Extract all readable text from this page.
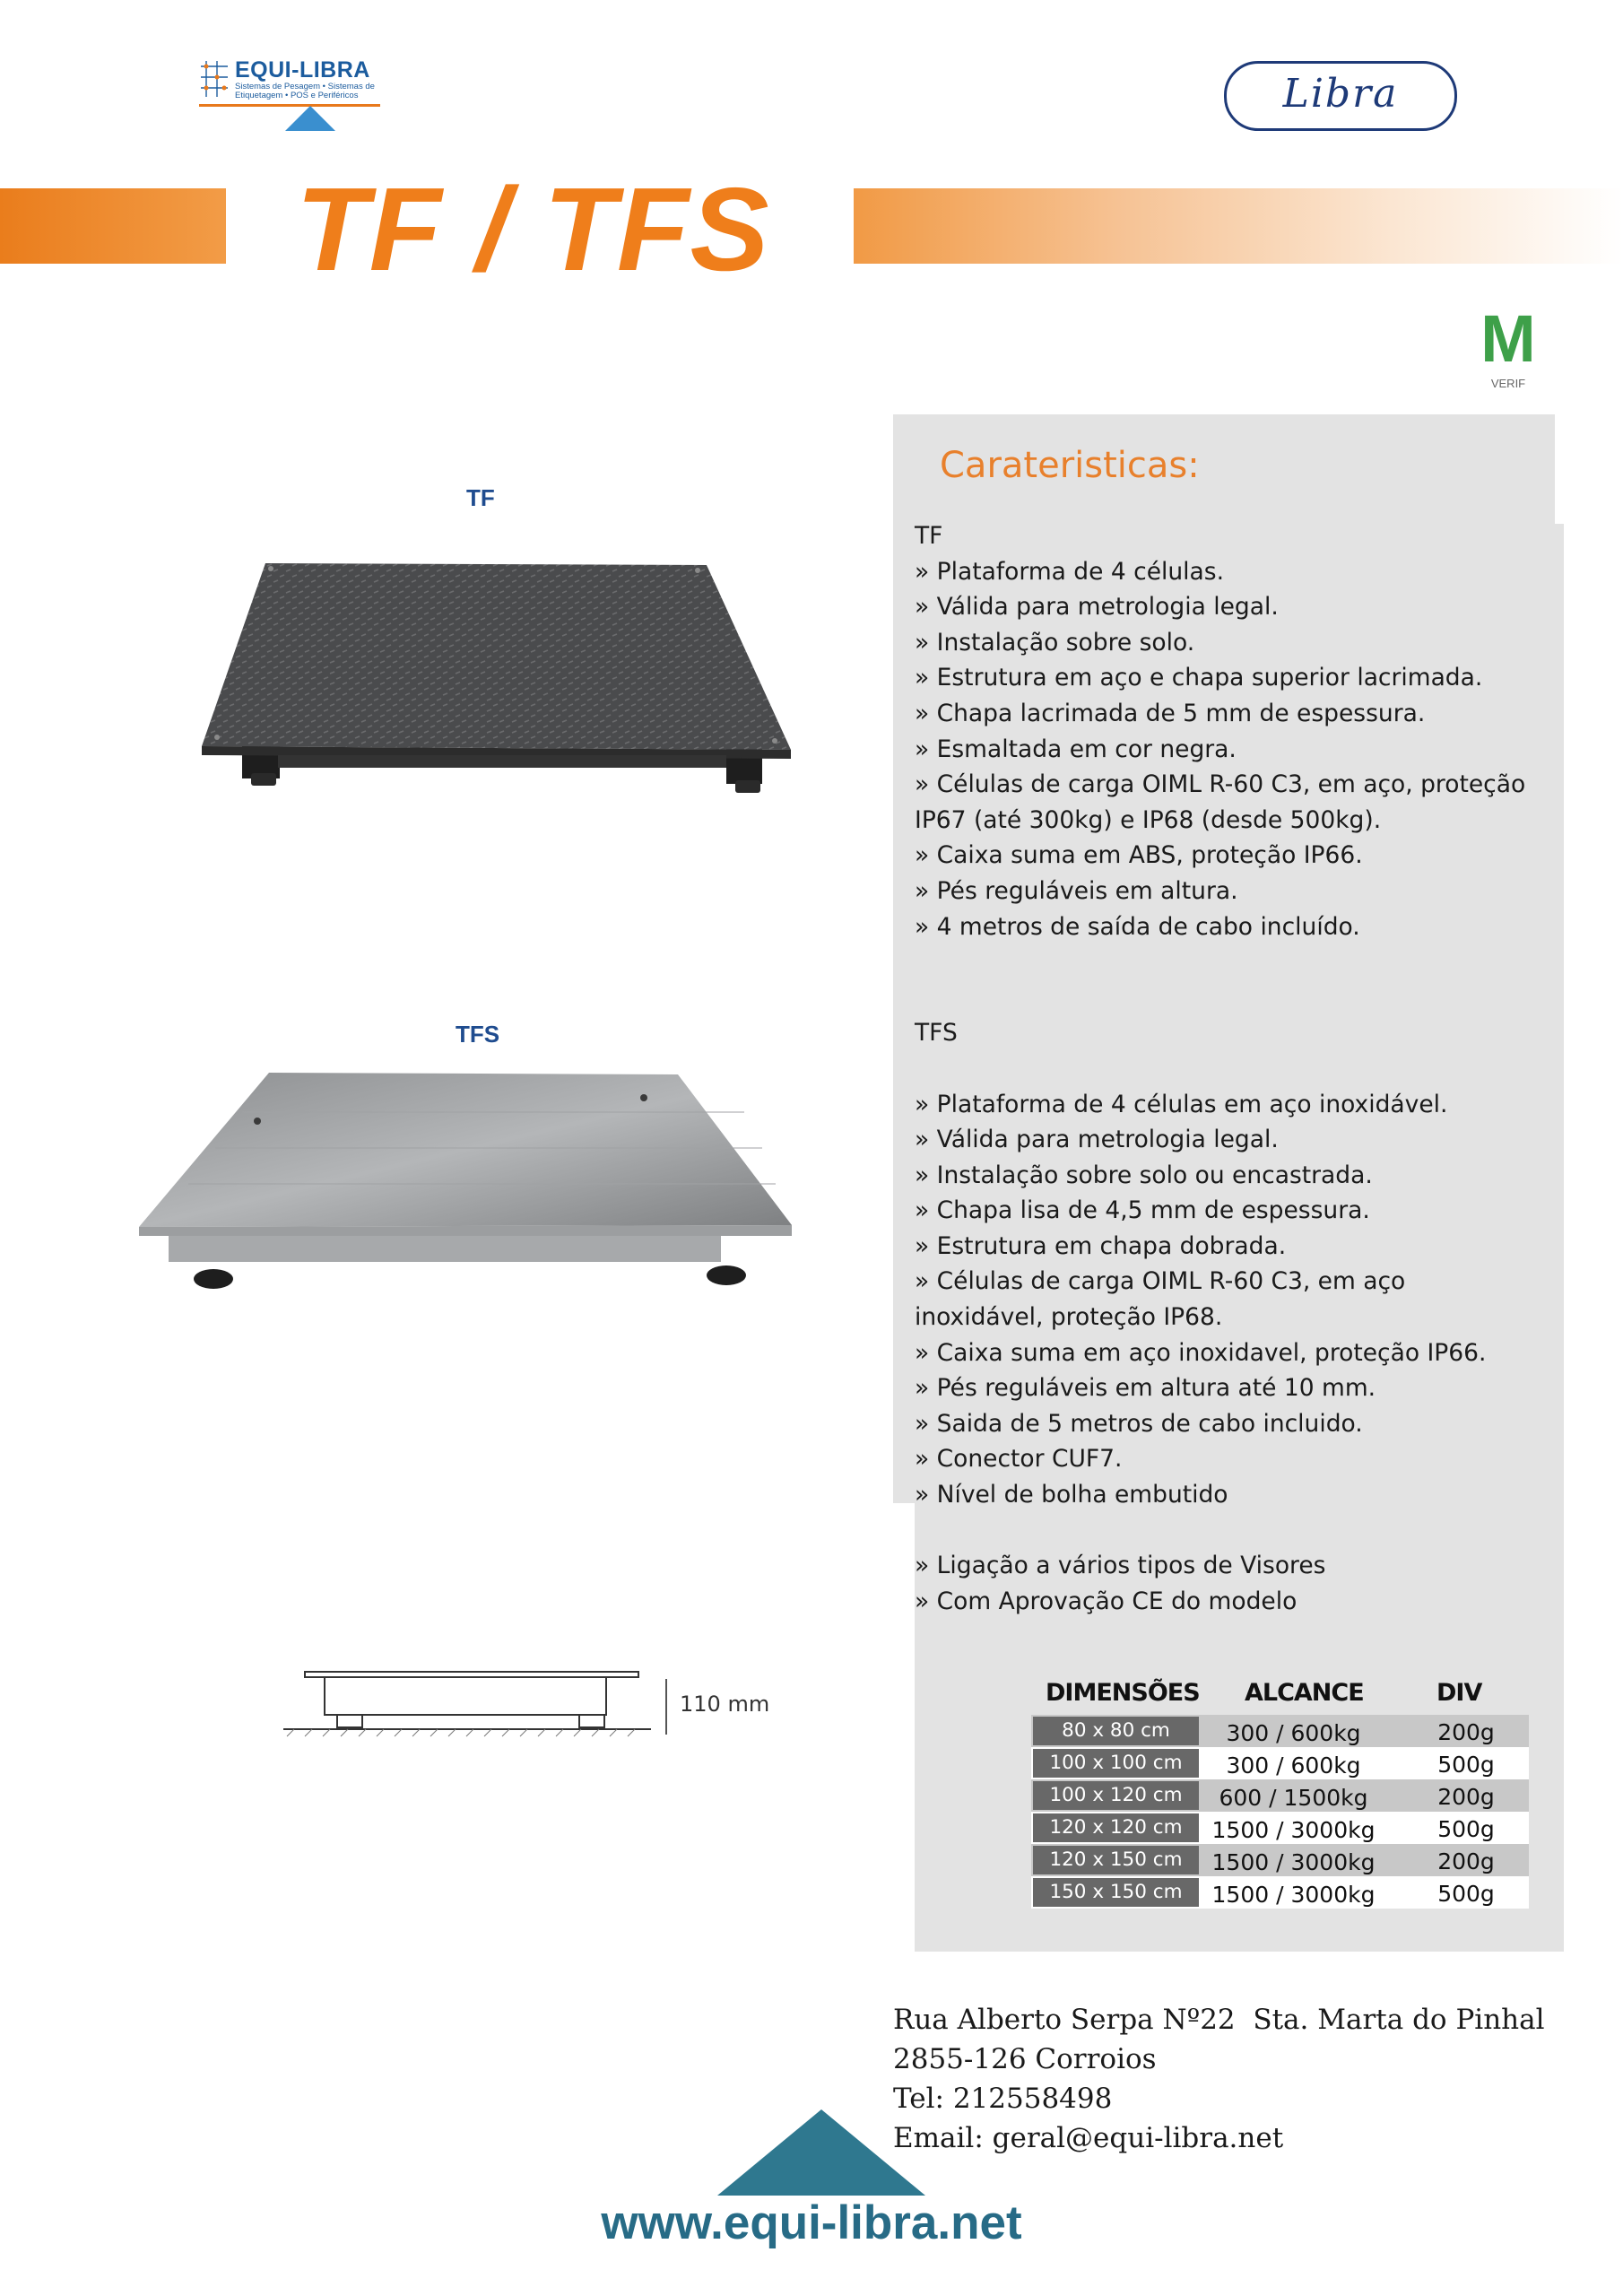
EQUI-LIBRA
Sistemas de Pesagem • Sistemas de Etiquetagem • POS e Periféricos	Libra
TF / TFS
M
VERIF
TF
TFS
110 mm
Carateristicas:
TF
» Plataforma de 4 células.
» Válida para metrologia legal.
» Instalação sobre solo.
» Estrutura em aço e chapa superior lacrimada.
» Chapa lacrimada de 5 mm de espessura.
» Esmaltada em cor negra.
» Células de carga OIML R-60 C3, em aço, proteção
IP67 (até 300kg) e IP68 (desde 500kg).
» Caixa suma em ABS, proteção IP66.
» Pés reguláveis em altura.
» 4 metros de saída de cabo incluído.
TFS
» Plataforma de 4 células em aço inoxidável.
» Válida para metrologia legal.
» Instalação sobre solo ou encastrada.
» Chapa lisa de 4,5 mm de espessura.
» Estrutura em chapa dobrada.
» Células de carga OIML R-60 C3, em aço
inoxidável, proteção IP68.
» Caixa suma em aço inoxidavel, proteção IP66.
» Pés reguláveis em altura até 10 mm.
» Saida de 5 metros de cabo incluido.
» Conector CUF7.
» Nível de bolha embutido
» Ligação a vários tipos de Visores
» Com Aprovação CE do modelo
DIMENSÕES ALCANCE	DIV
80 x 80 cm	300 / 600kg	200g
100 x 100 cm	300 / 600kg	500g
100 x 120 cm	600 / 1500kg	200g
120 x 120 cm	1500 / 3000kg	500g
120 x 150 cm	1500 / 3000kg	200g
150 x 150 cm	1500 / 3000kg	500g
Rua Alberto Serpa Nº22  Sta. Marta do Pinhal
2855-126 Corroios
Tel: 212558498
Email: geral@equi-libra.net
www.equi-libra.net
